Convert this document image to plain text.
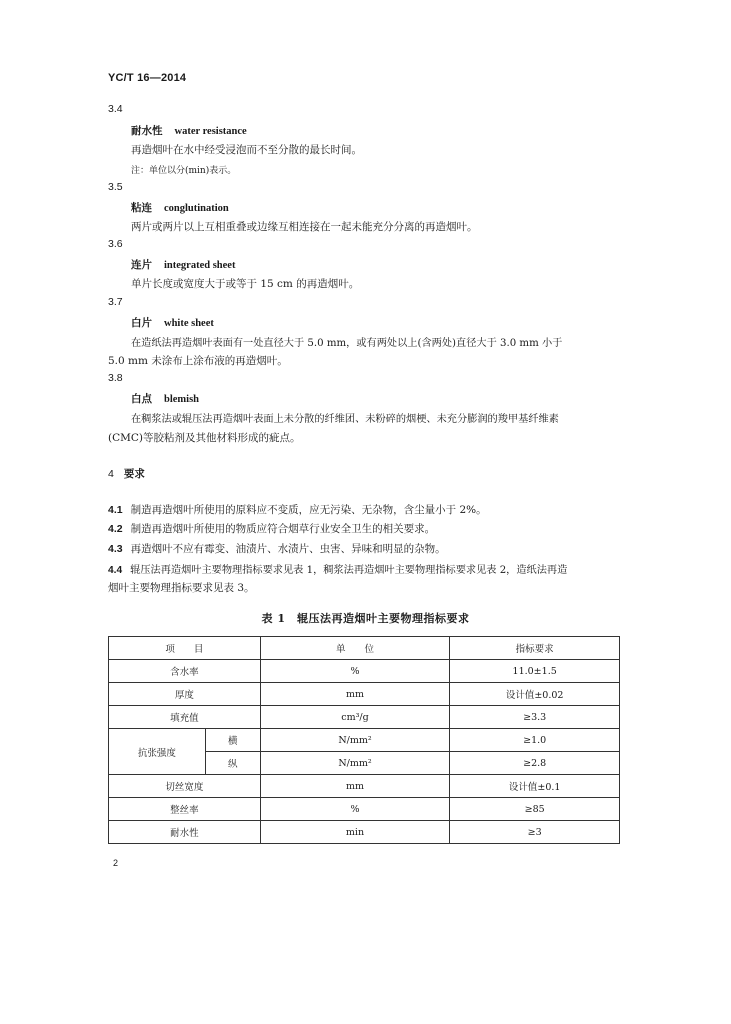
YC/T 16—2014
3.4
耐水性 water resistance
再造烟叶在水中经受浸泡而不至分散的最长时间。
注：单位以分(min)表示。
3.5
粘连 conglutination
两片或两片以上互相重叠或边缘互相连接在一起未能充分分离的再造烟叶。
3.6
连片 integrated sheet
单片长度或宽度大于或等于 15 cm 的再造烟叶。
3.7
白片 white sheet
在造纸法再造烟叶表面有一处直径大于 5.0 mm，或有两处以上(含两处)直径大于 3.0 mm 小于
5.0 mm 未涂布上涂布液的再造烟叶。
3.8
白点 blemish
在稠浆法或辊压法再造烟叶表面上未分散的纤维团、未粉碎的烟梗、未充分膨润的羧甲基纤维素
(CMC)等胶粘剂及其他材料形成的疵点。
4 要求
4.1 制造再造烟叶所使用的原料应不变质，应无污染、无杂物，含尘量小于 2%。
4.2 制造再造烟叶所使用的物质应符合烟草行业安全卫生的相关要求。
4.3 再造烟叶不应有霉变、油渍片、水渍片、虫害、异味和明显的杂物。
4.4 辊压法再造烟叶主要物理指标要求见表 1，稠浆法再造烟叶主要物理指标要求见表 2，造纸法再造
烟叶主要物理指标要求见表 3。
表 1　辊压法再造烟叶主要物理指标要求
项　　目		单　　位	指标要求
含水率		%	11.0±1.5
厚度		mm	设计值±0.02
填充值		cm³/g	≥3.3
抗张强度	横	N/mm²	≥1.0
	纵	N/mm²	≥2.8
切丝宽度		mm	设计值±0.1
整丝率		%	≥85
耐水性		min	≥3
2
